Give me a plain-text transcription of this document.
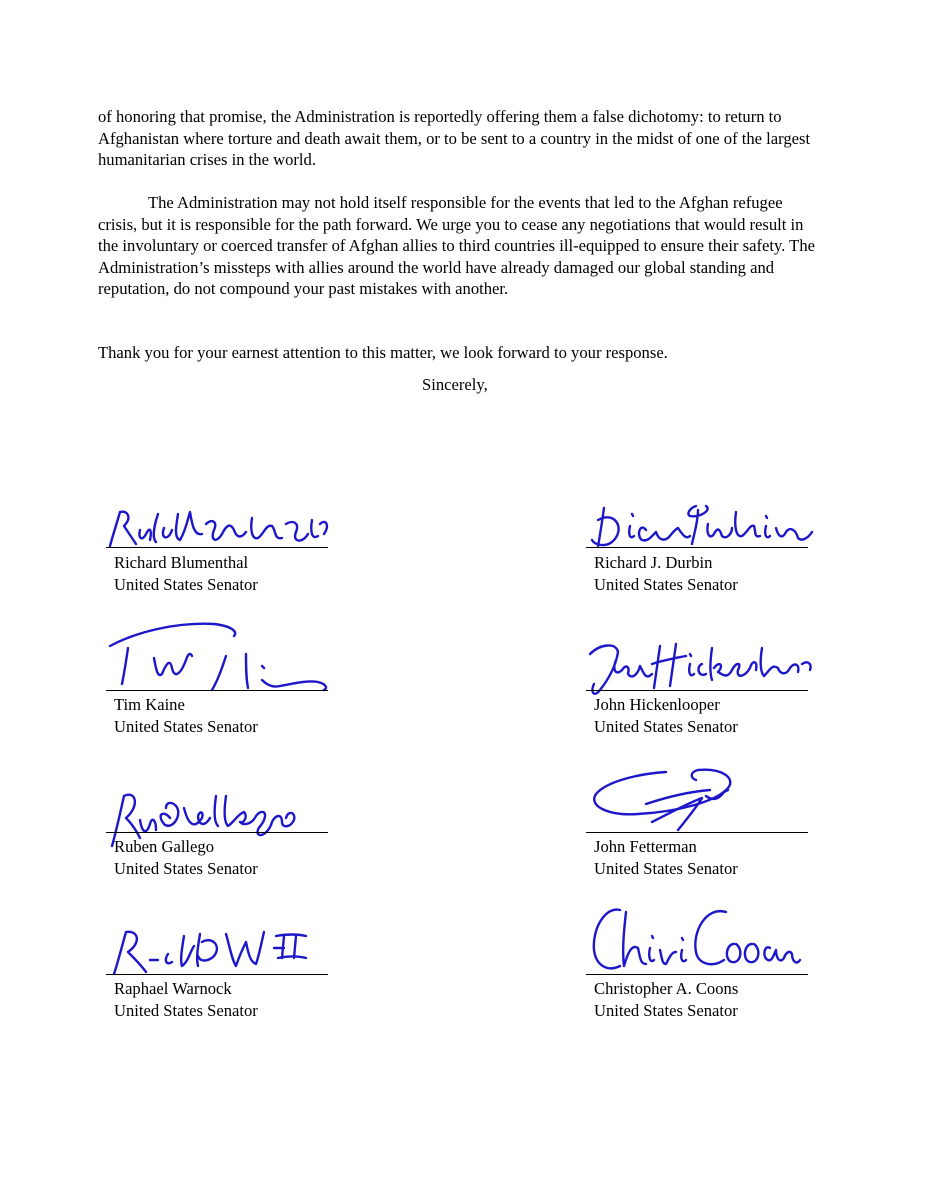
of honoring that promise, the Administration is reportedly offering them a false dichotomy: to return to Afghanistan where torture and death await them, or to be sent to a country in the midst of one of the largest humanitarian crises in the world.

The Administration may not hold itself responsible for the events that led to the Afghan refugee crisis, but it is responsible for the path forward. We urge you to cease any negotiations that would result in the involuntary or coerced transfer of Afghan allies to third countries ill-equipped to ensure their safety. The Administration’s missteps with allies around the world have already damaged our global standing and reputation, do not compound your past mistakes with another.

Thank you for your earnest attention to this matter, we look forward to your response.

Sincerely,
Richard Blumenthal
United States Senator
Richard J. Durbin
United States Senator
Tim Kaine
United States Senator
John Hickenlooper
United States Senator
Ruben Gallego
United States Senator
John Fetterman
United States Senator
Raphael Warnock
United States Senator
Christopher A. Coons
United States Senator
